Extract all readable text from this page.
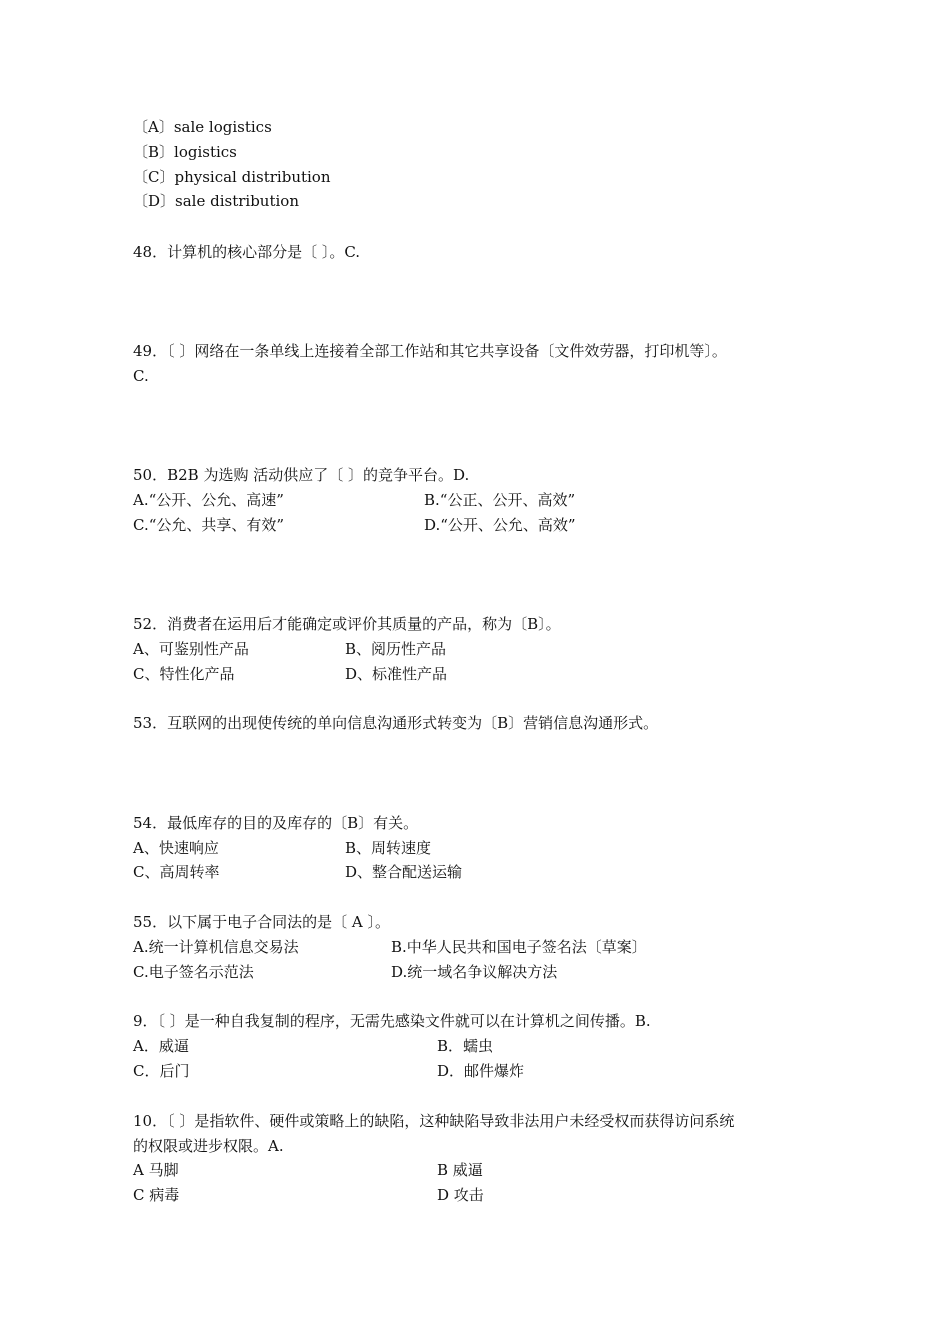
〔A〕sale logistics
〔B〕logistics
〔C〕physical distribution
〔D〕sale distribution
48．计算机的核心部分是〔 〕。C.
49．〔 〕网络在一条单线上连接着全部工作站和其它共享设备〔文件效劳器，打印机等〕。
C.
50．B2B 为选购 活动供应了〔 〕的竞争平台。D.
A.“公开、公允、高速”	B.“公正、公开、高效”
C.“公允、共享、有效”	D.“公开、公允、高效”
52．消费者在运用后才能确定或评价其质量的产品，称为〔B〕。
A、可鉴别性产品	B、阅历性产品
C、特性化产品	D、标准性产品
53．互联网的出现使传统的单向信息沟通形式转变为〔B〕营销信息沟通形式。
54．最低库存的目的及库存的〔B〕有关。
A、快速响应	B、周转速度
C、高周转率	D、整合配送运输
55．以下属于电子合同法的是〔 A 〕。
A.统一计算机信息交易法	B.中华人民共和国电子签名法〔草案〕
C.电子签名示范法	D.统一域名争议解决方法
9．〔 〕是一种自我复制的程序，无需先感染文件就可以在计算机之间传播。B.
A．威逼	B．蠕虫
C．后门	D．邮件爆炸
10．〔 〕是指软件、硬件或策略上的缺陷，这种缺陷导致非法用户未经受权而获得访问系统
的权限或进步权限。A.
A 马脚	B 威逼
C 病毒	D 攻击
